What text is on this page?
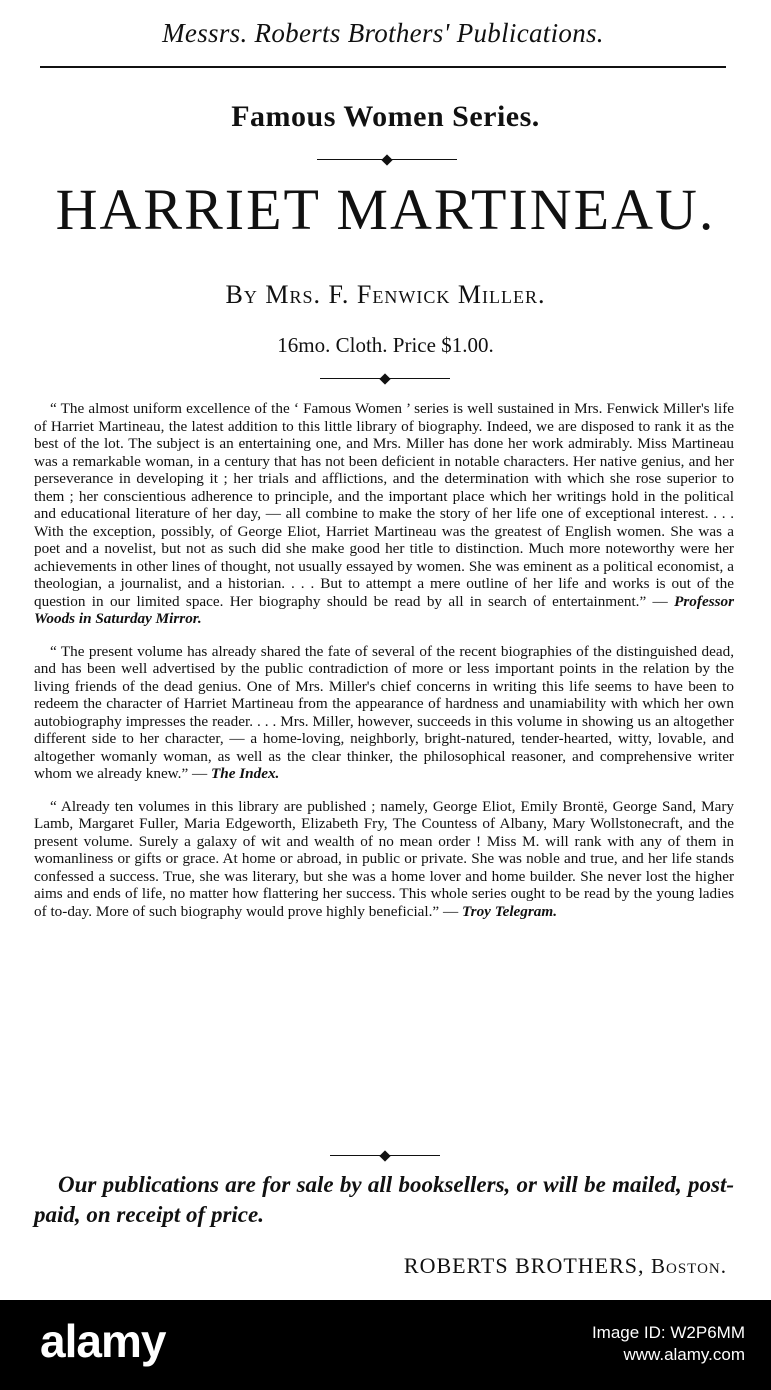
Messrs. Roberts Brothers' Publications.
Famous Women Series.
HARRIET MARTINEAU.
By Mrs. F. Fenwick Miller.
16mo. Cloth. Price $1.00.

“ The almost uniform excellence of the ‘ Famous Women ’ series is well sustained in Mrs. Fenwick Miller's life of Harriet Martineau, the latest addition to this little library of biography. Indeed, we are disposed to rank it as the best of the lot. The subject is an entertaining one, and Mrs. Miller has done her work admirably. Miss Martineau was a remarkable woman, in a century that has not been deficient in notable characters. Her native genius, and her perseverance in developing it ; her trials and afflictions, and the determination with which she rose superior to them ; her conscientious adherence to principle, and the important place which her writings hold in the political and educational literature of her day, — all combine to make the story of her life one of exceptional interest. . . . With the exception, possibly, of George Eliot, Harriet Martineau was the greatest of English women. She was a poet and a novelist, but not as such did she make good her title to distinction. Much more noteworthy were her achievements in other lines of thought, not usually essayed by women. She was eminent as a political economist, a theologian, a journalist, and a historian. . . . But to attempt a mere outline of her life and works is out of the question in our limited space. Her biography should be read by all in search of entertainment.” — Professor Woods in Saturday Mirror.

“ The present volume has already shared the fate of several of the recent biographies of the distinguished dead, and has been well advertised by the public contradiction of more or less important points in the relation by the living friends of the dead genius. One of Mrs. Miller's chief concerns in writing this life seems to have been to redeem the character of Harriet Martineau from the appearance of hardness and unamiability with which her own autobiography impresses the reader. . . . Mrs. Miller, however, succeeds in this volume in showing us an altogether different side to her character, — a home-loving, neighborly, bright-natured, tender-hearted, witty, lovable, and altogether womanly woman, as well as the clear thinker, the philosophical reasoner, and comprehensive writer whom we already knew.” — The Index.

“ Already ten volumes in this library are published ; namely, George Eliot, Emily Brontë, George Sand, Mary Lamb, Margaret Fuller, Maria Edgeworth, Elizabeth Fry, The Countess of Albany, Mary Wollstonecraft, and the present volume. Surely a galaxy of wit and wealth of no mean order ! Miss M. will rank with any of them in womanliness or gifts or grace. At home or abroad, in public or private. She was noble and true, and her life stands confessed a success. True, she was literary, but she was a home lover and home builder. She never lost the higher aims and ends of life, no matter how flattering her success. This whole series ought to be read by the young ladies of to-day. More of such biography would prove highly beneficial.” — Troy Telegram.

Our publications are for sale by all booksellers, or will be mailed, post-paid, on receipt of price.
ROBERTS BROTHERS, Boston.
alamy	Image ID: W2P6MM
www.alamy.com
